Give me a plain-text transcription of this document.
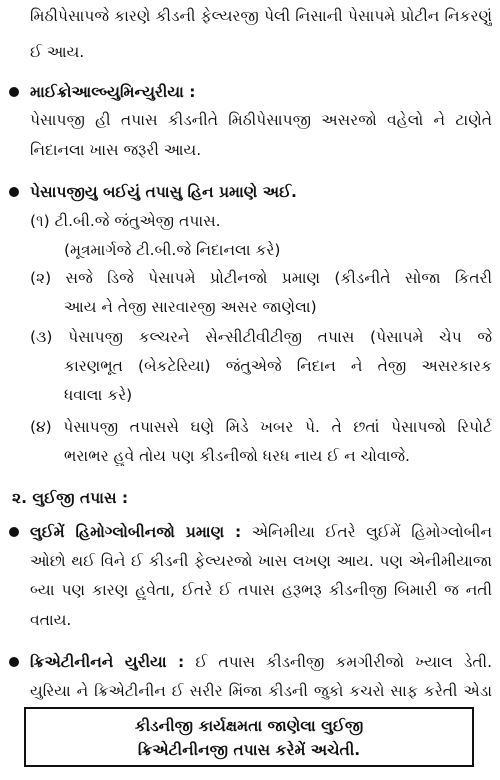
મિઠીપેસાપજે કારણે કીડની ફેલ્યરજી પેલી નિસાની પેસાપમે પ્રોટીન નિકરણું
ઈ આય.
માઈક્રોઆલ્બ્યુમિન્યુરીયા :
પેસાપજી હી તપાસ કીડનીતે મિઠીપેસાપજી અસરજો વહેલો ને ટાણેતે
નિદાનલા ખાસ જરૂરી આય.
પેસાપજીયુ બઈયું તપાસુ હિન પ્રમાણે અઈ.
(૧) ટી.બી.જે જંતુએજી તપાસ.
(મૂત્રમાર્ગજે ટી.બી.જે નિદાનલા કરે)
(૨) સજે ડિજે પેસાપમે પ્રોટીનજો પ્રમાણ (કીડનીતે સોજા કિતરી
આય ને તેજી સારવારજી અસર જાણેલા)
(૩) પેસાપજી કલ્ચરને સેન્સીટીવીટીજી તપાસ (પેસાપમે ચેપ જે
કારણભૂત (બેકટેરિયા) જંતુએજે નિદાન ને તેજી અસરકારક
ધવાલા કરે)
(૪) પેસાપજી તપાસસે ઘણે મિડે ખબર પે. તે છતાં પેસાપજો રિપોર્ટ
ભરાભર હુવે તોય પણ કીડનીજો ધરધ નાય ઈ ન ચોવાજે.
૨. લુઈજી તપાસ :
લુઈમેં હિમોગ્લોબીનજો પ્રમાણ : એનિમીયા ઈતરે લુઈમેં હિમોગ્લોબીન
ઓછો થઈ વિને ઈ કીડની ફેલ્યરજો ખાસ લખણ આય. પણ એનીમીયાજા
બ્યા પણ કારણ હુવેતા, ઈતરે ઈ તપાસ હરૂભરૂ કીડનીજી બિમારી જ નતી
વતાય.
ક્રિએટીનીનને યુરીયા : ઈ તપાસ કીડનીજી કમગીરીજો ખ્યાલ ડેતી.
યુરિયા ને ક્રિએટીનીન ઈ સરીર મિંજા કીડની જુકો કચરો સાફ કરેતી એડા
કીડનીજી કાર્યક્ષમતા જાણેલા લુઈજી
ક્રિએટીનીનજી તપાસ કરેમેં અચેતી.
